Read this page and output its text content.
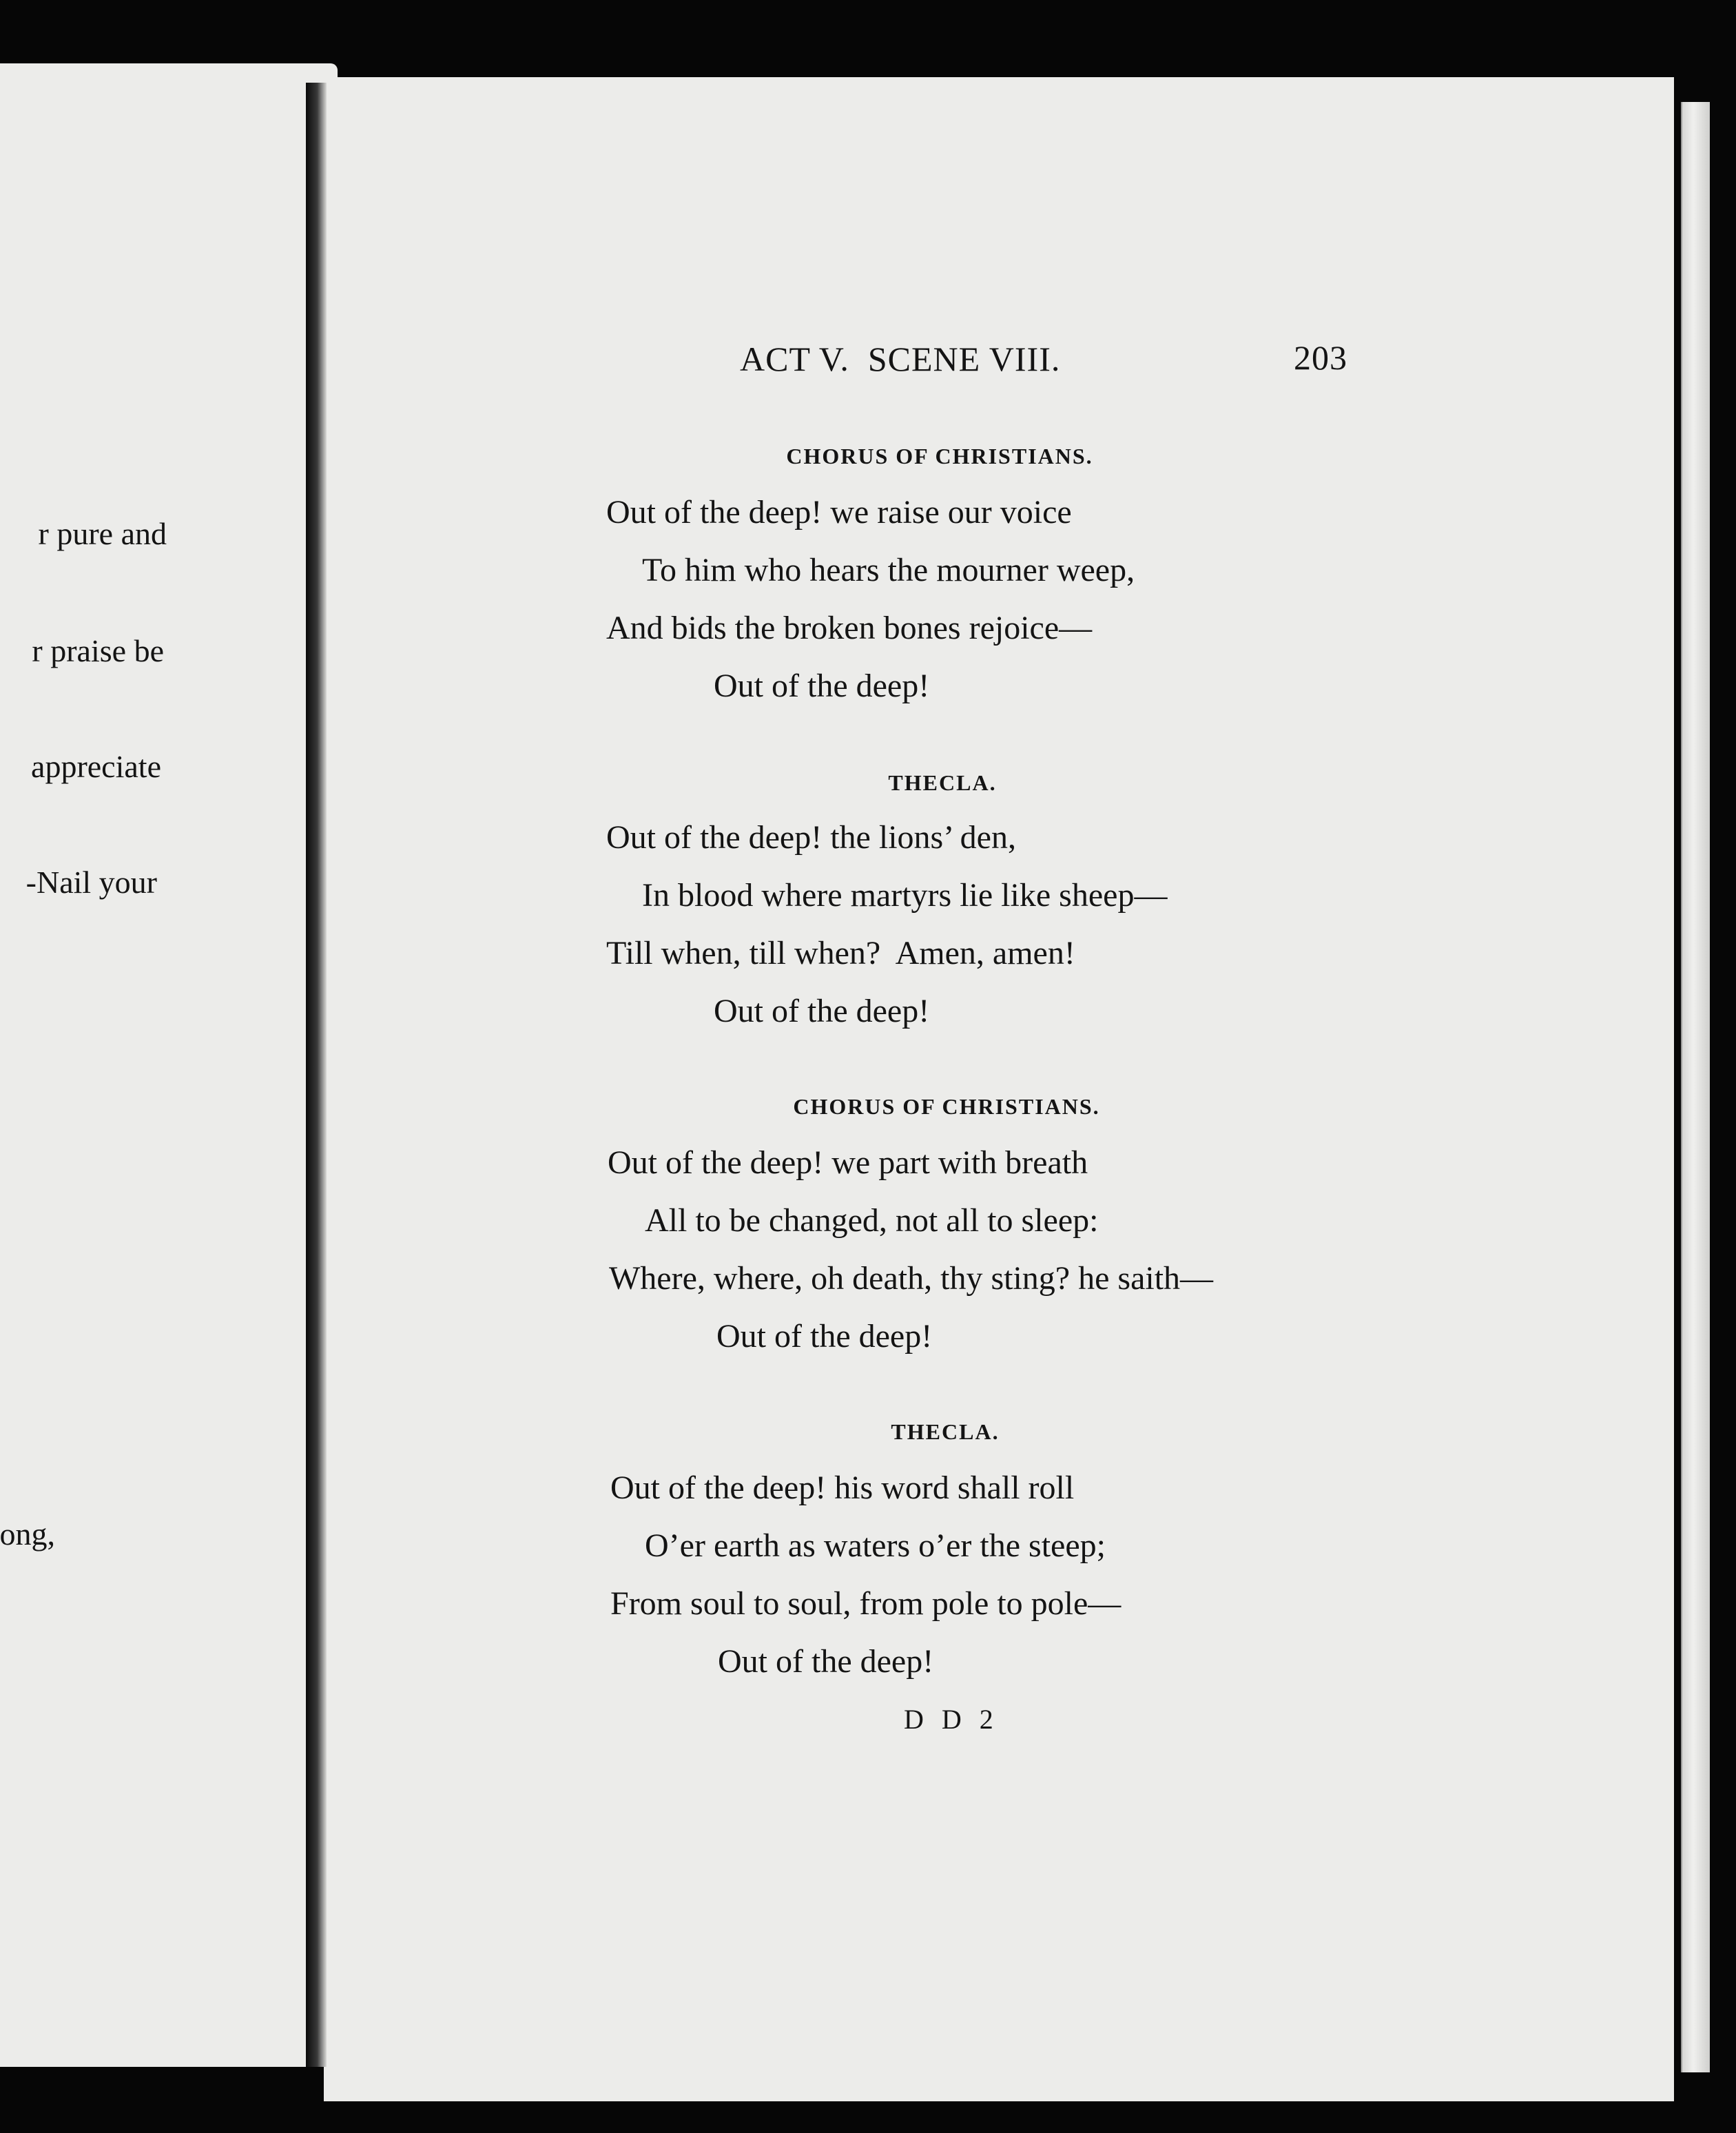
r pure and
r praise be
appreciate
-Nail your
ong,
ACT V.  SCENE VIII.	203
CHORUS OF CHRISTIANS.
Out of the deep! we raise our voice
To him who hears the mourner weep,
And bids the broken bones rejoice—
Out of the deep!
THECLA.
Out of the deep! the lions’ den,
In blood where martyrs lie like sheep—
Till when, till when?  Amen, amen!
Out of the deep!
CHORUS OF CHRISTIANS.
Out of the deep! we part with breath
All to be changed, not all to sleep:
Where, where, oh death, thy sting? he saith—
Out of the deep!
THECLA.
Out of the deep! his word shall roll
O’er earth as waters o’er the steep;
From soul to soul, from pole to pole—
Out of the deep!
D D 2
